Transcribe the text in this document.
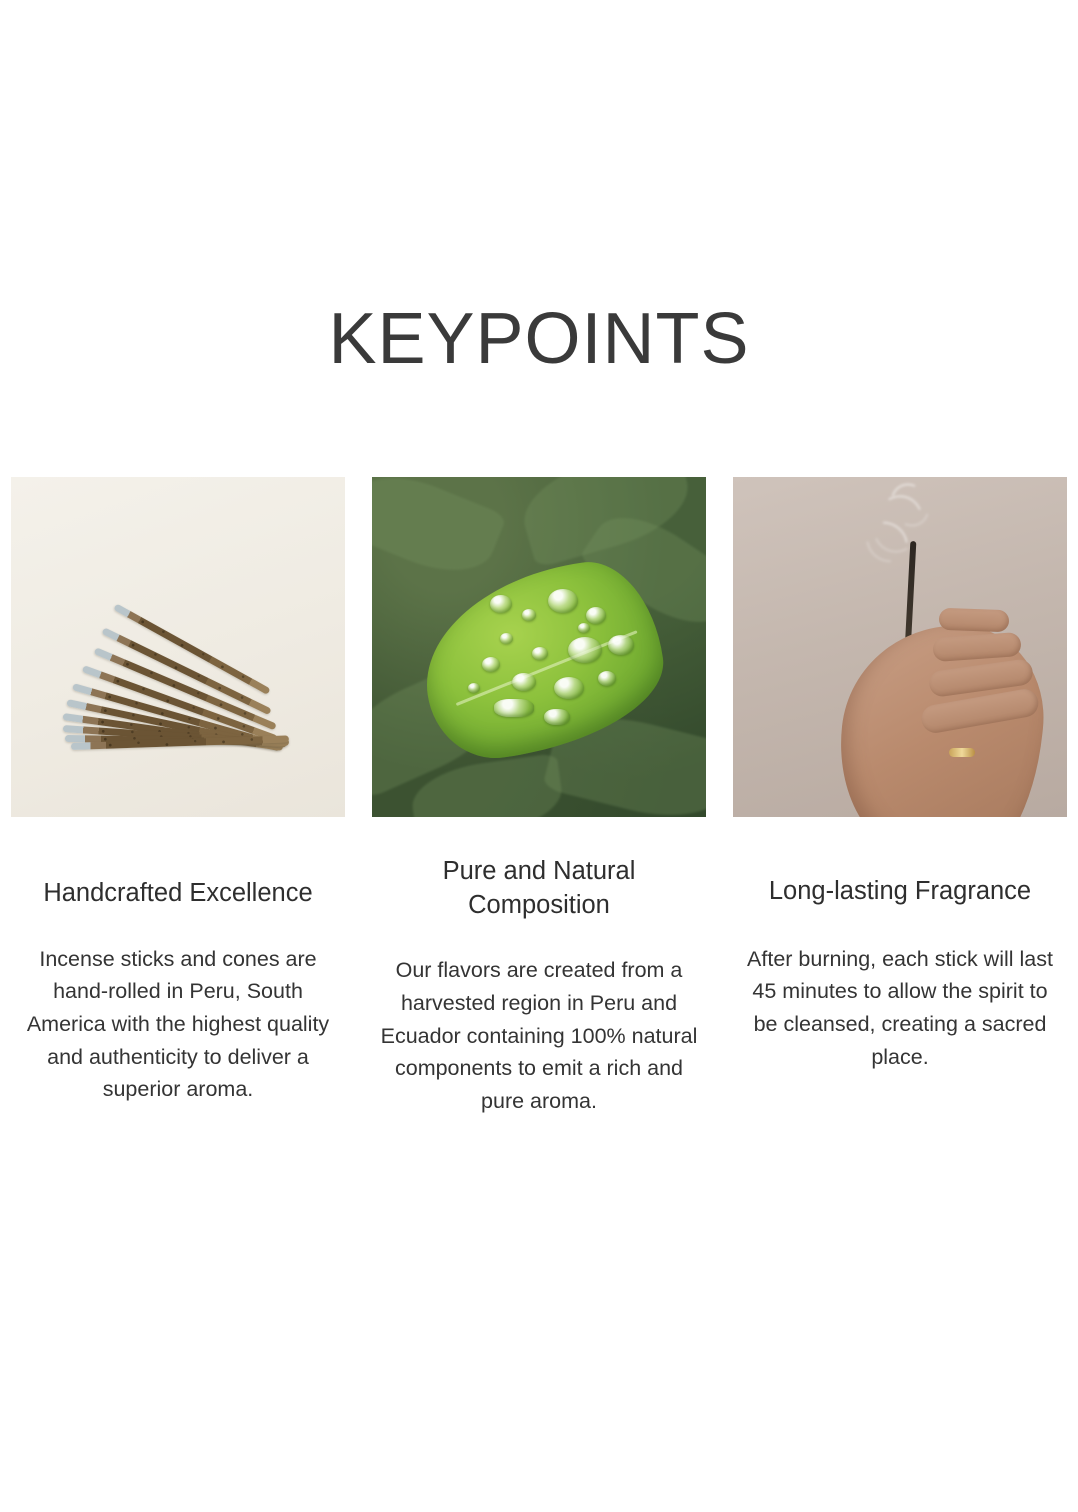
KEYPOINTS
Handcrafted Excellence
Incense sticks and cones are hand-rolled in Peru, South America with the highest quality and authenticity to deliver a superior aroma.
Pure and Natural Composition
Our flavors are created from a harvested region in Peru and Ecuador containing 100% natural components to emit a rich and pure aroma.
Long-lasting Fragrance
After burning, each stick will last 45 minutes to allow the spirit to be cleansed, creating a sacred place.
